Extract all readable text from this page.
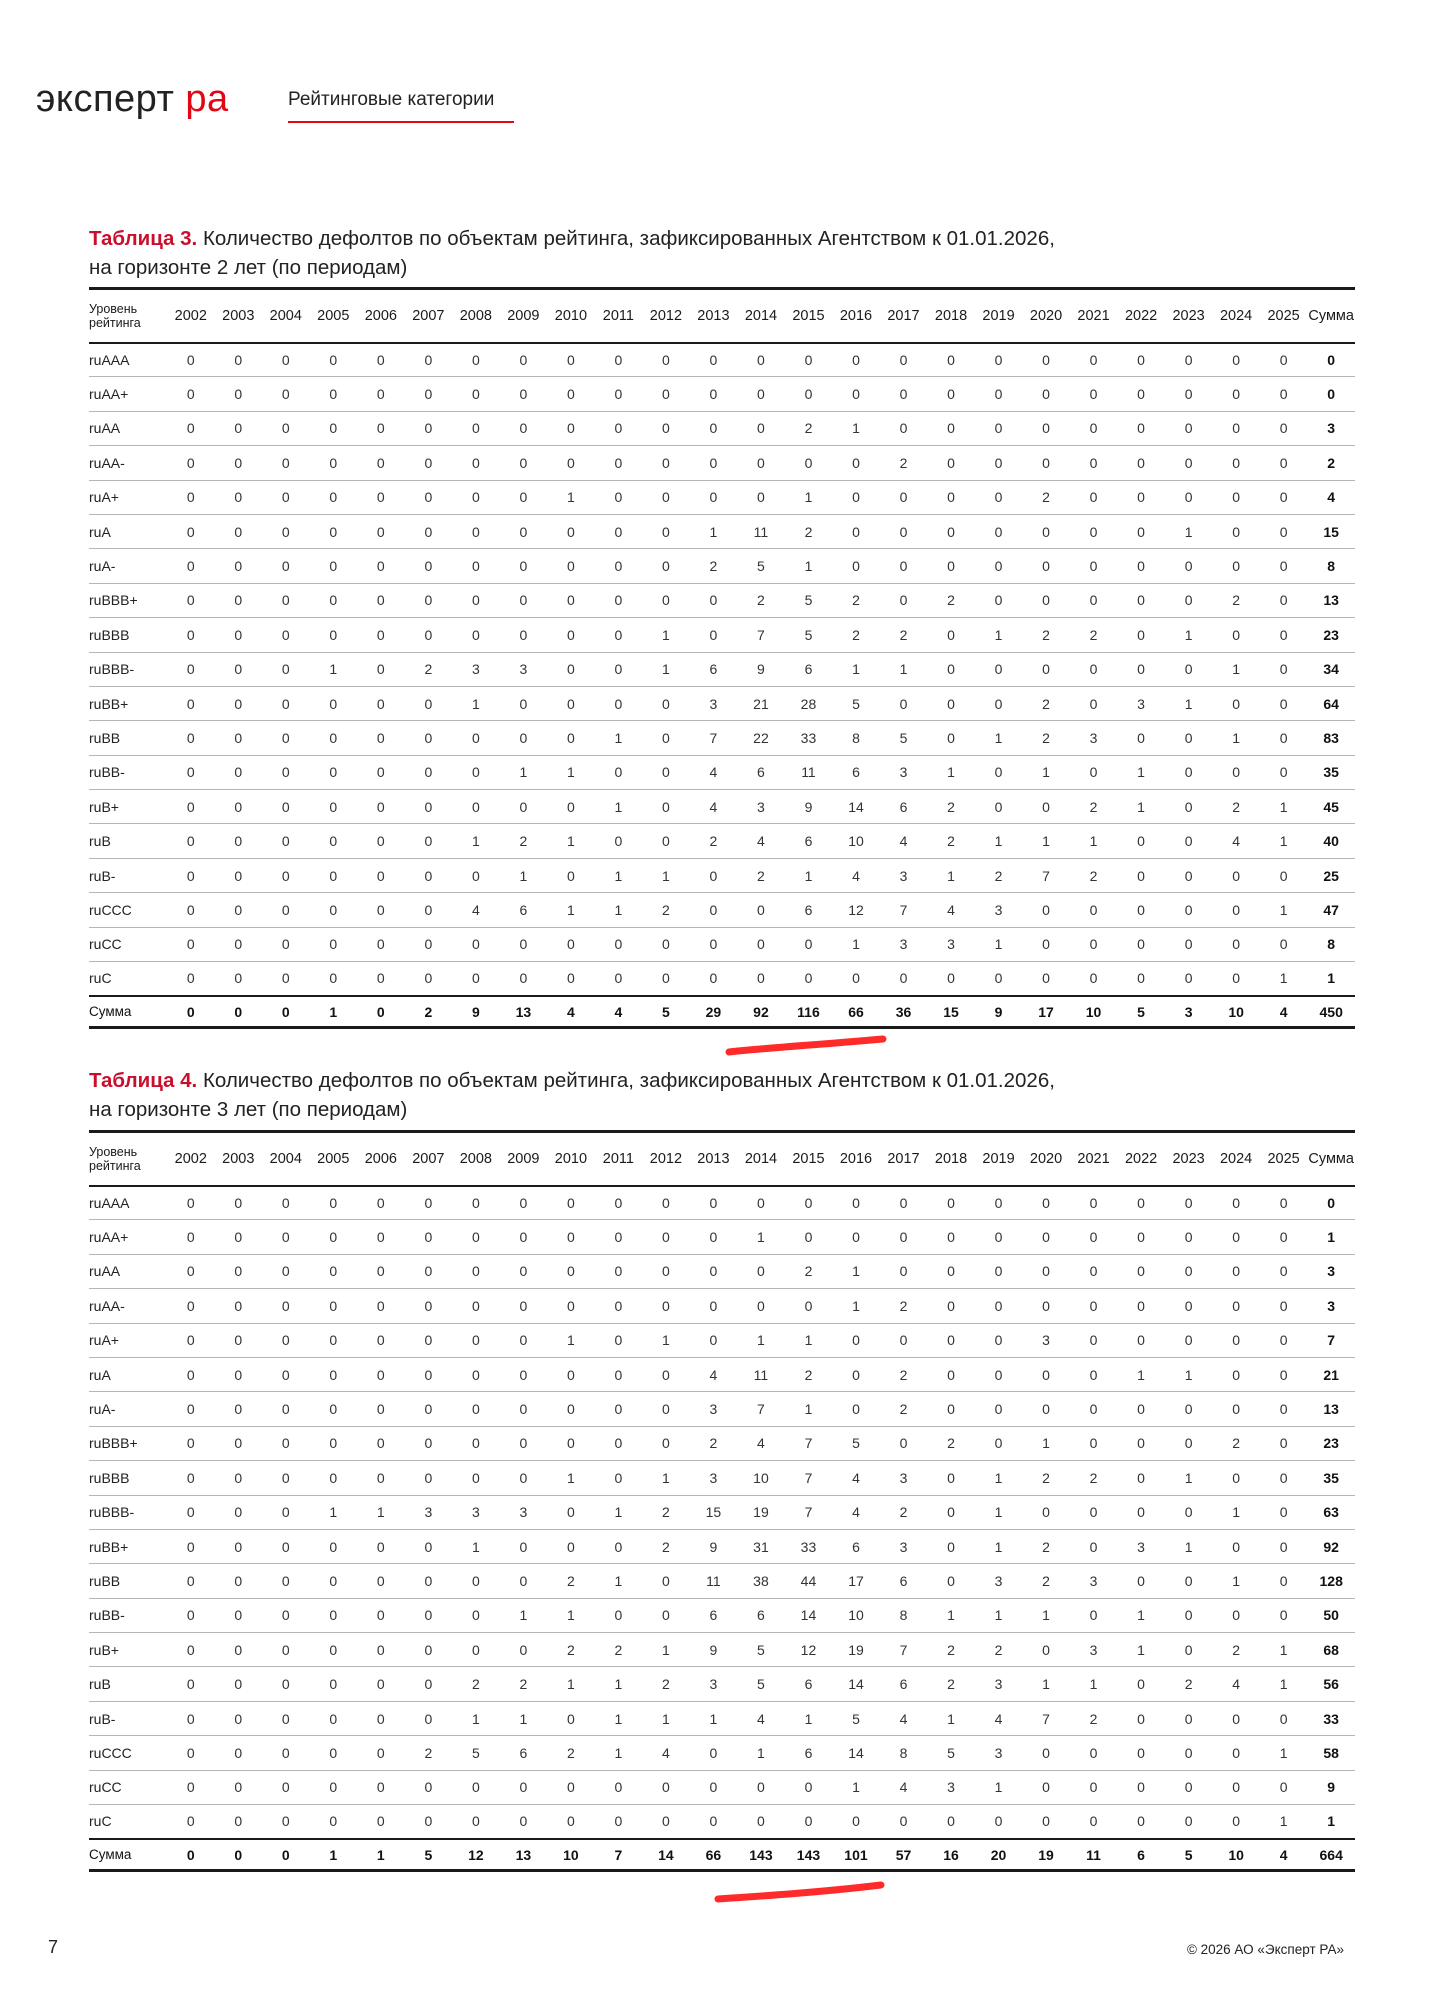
эксперт ра	Рейтинговые категории
Таблица 3. Количество дефолтов по объектам рейтинга, зафиксированных Агентством к 01.01.2026,
на горизонте 2 лет (по периодам)
Уровень
рейтинга	2002	2003	2004	2005	2006	2007	2008	2009	2010	2011	2012	2013	2014	2015	2016	2017	2018	2019	2020	2021	2022	2023	2024	2025	Сумма
ruAAA	0	0	0	0	0	0	0	0	0	0	0	0	0	0	0	0	0	0	0	0	0	0	0	0	0
ruAA+	0	0	0	0	0	0	0	0	0	0	0	0	0	0	0	0	0	0	0	0	0	0	0	0	0
ruAA	0	0	0	0	0	0	0	0	0	0	0	0	0	2	1	0	0	0	0	0	0	0	0	0	3
ruAA-	0	0	0	0	0	0	0	0	0	0	0	0	0	0	0	2	0	0	0	0	0	0	0	0	2
ruA+	0	0	0	0	0	0	0	0	1	0	0	0	0	1	0	0	0	0	2	0	0	0	0	0	4
ruA	0	0	0	0	0	0	0	0	0	0	0	1	11	2	0	0	0	0	0	0	0	1	0	0	15
ruA-	0	0	0	0	0	0	0	0	0	0	0	2	5	1	0	0	0	0	0	0	0	0	0	0	8
ruBBB+	0	0	0	0	0	0	0	0	0	0	0	0	2	5	2	0	2	0	0	0	0	0	2	0	13
ruBBB	0	0	0	0	0	0	0	0	0	0	1	0	7	5	2	2	0	1	2	2	0	1	0	0	23
ruBBB-	0	0	0	1	0	2	3	3	0	0	1	6	9	6	1	1	0	0	0	0	0	0	1	0	34
ruBB+	0	0	0	0	0	0	1	0	0	0	0	3	21	28	5	0	0	0	2	0	3	1	0	0	64
ruBB	0	0	0	0	0	0	0	0	0	1	0	7	22	33	8	5	0	1	2	3	0	0	1	0	83
ruBB-	0	0	0	0	0	0	0	1	1	0	0	4	6	11	6	3	1	0	1	0	1	0	0	0	35
ruB+	0	0	0	0	0	0	0	0	0	1	0	4	3	9	14	6	2	0	0	2	1	0	2	1	45
ruB	0	0	0	0	0	0	1	2	1	0	0	2	4	6	10	4	2	1	1	1	0	0	4	1	40
ruB-	0	0	0	0	0	0	0	1	0	1	1	0	2	1	4	3	1	2	7	2	0	0	0	0	25
ruCCC	0	0	0	0	0	0	4	6	1	1	2	0	0	6	12	7	4	3	0	0	0	0	0	1	47
ruCC	0	0	0	0	0	0	0	0	0	0	0	0	0	0	1	3	3	1	0	0	0	0	0	0	8
ruC	0	0	0	0	0	0	0	0	0	0	0	0	0	0	0	0	0	0	0	0	0	0	0	1	1
Сумма	0	0	0	1	0	2	9	13	4	4	5	29	92	116	66	36	15	9	17	10	5	3	10	4	450
Таблица 4. Количество дефолтов по объектам рейтинга, зафиксированных Агентством к 01.01.2026,
на горизонте 3 лет (по периодам)
Уровень
рейтинга	2002	2003	2004	2005	2006	2007	2008	2009	2010	2011	2012	2013	2014	2015	2016	2017	2018	2019	2020	2021	2022	2023	2024	2025	Сумма
ruAAA	0	0	0	0	0	0	0	0	0	0	0	0	0	0	0	0	0	0	0	0	0	0	0	0	0
ruAA+	0	0	0	0	0	0	0	0	0	0	0	0	1	0	0	0	0	0	0	0	0	0	0	0	1
ruAA	0	0	0	0	0	0	0	0	0	0	0	0	0	2	1	0	0	0	0	0	0	0	0	0	3
ruAA-	0	0	0	0	0	0	0	0	0	0	0	0	0	0	1	2	0	0	0	0	0	0	0	0	3
ruA+	0	0	0	0	0	0	0	0	1	0	1	0	1	1	0	0	0	0	3	0	0	0	0	0	7
ruA	0	0	0	0	0	0	0	0	0	0	0	4	11	2	0	2	0	0	0	0	1	1	0	0	21
ruA-	0	0	0	0	0	0	0	0	0	0	0	3	7	1	0	2	0	0	0	0	0	0	0	0	13
ruBBB+	0	0	0	0	0	0	0	0	0	0	0	2	4	7	5	0	2	0	1	0	0	0	2	0	23
ruBBB	0	0	0	0	0	0	0	0	1	0	1	3	10	7	4	3	0	1	2	2	0	1	0	0	35
ruBBB-	0	0	0	1	1	3	3	3	0	1	2	15	19	7	4	2	0	1	0	0	0	0	1	0	63
ruBB+	0	0	0	0	0	0	1	0	0	0	2	9	31	33	6	3	0	1	2	0	3	1	0	0	92
ruBB	0	0	0	0	0	0	0	0	2	1	0	11	38	44	17	6	0	3	2	3	0	0	1	0	128
ruBB-	0	0	0	0	0	0	0	1	1	0	0	6	6	14	10	8	1	1	1	0	1	0	0	0	50
ruB+	0	0	0	0	0	0	0	0	2	2	1	9	5	12	19	7	2	2	0	3	1	0	2	1	68
ruB	0	0	0	0	0	0	2	2	1	1	2	3	5	6	14	6	2	3	1	1	0	2	4	1	56
ruB-	0	0	0	0	0	0	1	1	0	1	1	1	4	1	5	4	1	4	7	2	0	0	0	0	33
ruCCC	0	0	0	0	0	2	5	6	2	1	4	0	1	6	14	8	5	3	0	0	0	0	0	1	58
ruCC	0	0	0	0	0	0	0	0	0	0	0	0	0	0	1	4	3	1	0	0	0	0	0	0	9
ruC	0	0	0	0	0	0	0	0	0	0	0	0	0	0	0	0	0	0	0	0	0	0	0	1	1
Сумма	0	0	0	1	1	5	12	13	10	7	14	66	143	143	101	57	16	20	19	11	6	5	10	4	664
7	© 2026 АО «Эксперт РА»
